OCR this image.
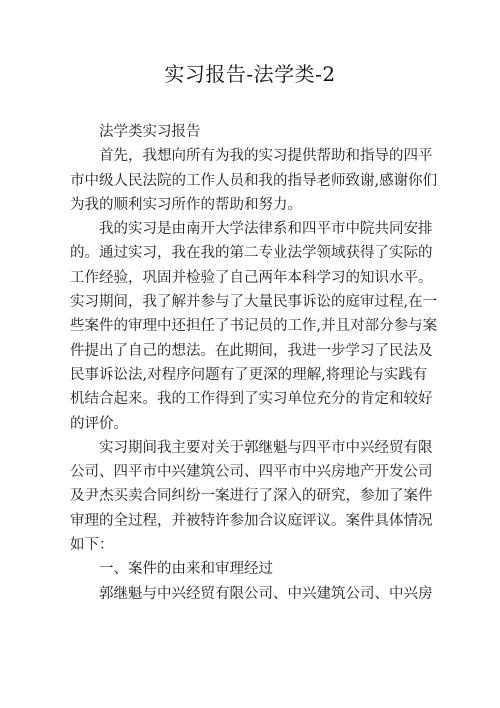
实习报告-法学类-2
法学类实习报告
首先，我想向所有为我的实习提供帮助和指导的四平
市中级人民法院的工作人员和我的指导老师致谢,感谢你们
为我的顺利实习所作的帮助和努力。
我的实习是由南开大学法律系和四平市中院共同安排
的。通过实习，我在我的第二专业法学领域获得了实际的
工作经验，巩固并检验了自己两年本科学习的知识水平。
实习期间，我了解并参与了大量民事诉讼的庭审过程,在一
些案件的审理中还担任了书记员的工作,并且对部分参与案
件提出了自己的想法。在此期间，我进一步学习了民法及
民事诉讼法,对程序问题有了更深的理解,将理论与实践有
机结合起来。我的工作得到了实习单位充分的肯定和较好
的评价。
实习期间我主要对关于郭继魁与四平市中兴经贸有限
公司、四平市中兴建筑公司、四平市中兴房地产开发公司
及尹杰买卖合同纠纷一案进行了深入的研究，参加了案件
审理的全过程，并被特许参加合议庭评议。案件具体情况
如下：
一、案件的由来和审理经过
郭继魁与中兴经贸有限公司、中兴建筑公司、中兴房
